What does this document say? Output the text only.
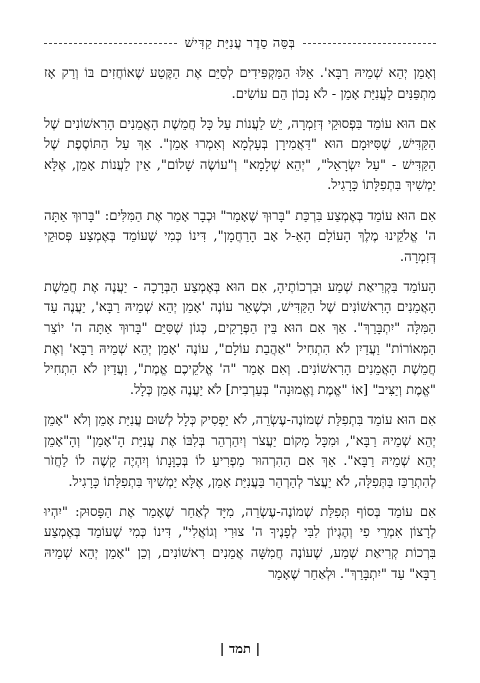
בְּסֵּה סֵדֶר עֲנִיַּת קַדִּישׁ

וְאָמֵן יְהֵא שְׁמֵיהּ רַבָּא'. אֵלּוּ הַמַּקְפִּידִים לְסַיֵּם אֶת הַקֶּטַע שֶׁאוֹחֲזִים בּוֹ וְרַק אָז מִתְפַּנִּים לַעֲנִיַּת אָמֵן - לֹא נָכוֹן הֵם עוֹשִׂים.

אִם הוּא עוֹמֵד בִּפְסוּקֵי דְּזִמְרָה, יֵשׁ לַעֲנוֹת עַל כָּל חֲמֵשֶׁת הָאֲמֵנִים הָרִאשׁוֹנִים שֶׁל הַקַּדִּישׁ, שֶׁסִּיּוּמָם הוּא "דַּאֲמִירָן בְּעָלְמָא וְאִמְרוּ אָמֵן". אַךְ עַל הַתּוֹסֶפֶת שֶׁל הַקַּדִּישׁ - "עַל יִשְׂרָאֵל", "יְהֵא שְׁלָמָא" וְ"עוֹשֶׂה שָׁלוֹם", אֵין לַעֲנוֹת אָמֵן, אֶלָּא יַמְשִׁיךְ בִּתְפִלָּתוֹ כָּרָגִיל.

אִם הוּא עוֹמֵד בְּאֶמְצַע בִּרְכַּת "בָּרוּךְ שֶׁאָמַר" וּכְבָר אָמַר אֶת הַמִּלִּים: "בָּרוּךְ אַתָּה ה' אֱלֹקֵינוּ מֶלֶךְ הָעוֹלָם הָאֵ-ל אָב הָרַחֲמָן", דִּינוֹ כְּמִי שֶׁעוֹמֵד בְּאֶמְצַע פְּסוּקֵי דְּזִמְרָה.

הָעוֹמֵד בִּקְרִיאַת שְׁמַע וּבִרְכוֹתֶיהָ, אִם הוּא בְּאֶמְצַע הַבְּרָכָה - יַעֲנֶה אֶת חֲמֵשֶׁת הָאֲמֵנִים הָרִאשׁוֹנִים שֶׁל הַקַּדִּישׁ, וּכְשֶׁאֵר עוֹנֶה 'אָמֵן יְהֵא שְׁמֵיהּ רַבָּא', יַעֲנֶה עַד הַמִּלָּה "יִתְבָּרַךְ". אַךְ אִם הוּא בֵּין הַפְּרָקִים, כְּגוֹן שֶׁסִּיֵּם "בָּרוּךְ אַתָּה ה' יוֹצֵר הַמְּאוֹרוֹת" וַעֲדַיִן לֹא הִתְחִיל "אַהֲבַת עוֹלָם", עוֹנֶה 'אָמֵן יְהֵא שְׁמֵיהּ רַבָּא' וְאֶת חֲמֵשֶׁת הָאֲמֵנִים הָרִאשׁוֹנִים. וְאִם אָמַר "ה' אֱלֹקֵיכֶם אֱמֶת", וַעֲדַיִן לֹא הִתְחִיל "אֱמֶת וְיַצִּיב" [אוֹ "אֱמֶת וֶאֱמוּנָה" בְּעַרְבִית] לֹא יַעֲנֶה אָמֵן כְּלָל.

אִם הוּא עוֹמֵד בִּתְפִלַּת שְׁמוֹנֶה-עֶשְׂרֵה, לֹא יַפְסִיק כְּלָל לְשׁוּם עֲנִיַּת אָמֵן וְלֹא "אָמֵן יְהֵא שְׁמֵיהּ רַבָּא", וּמִכָּל מָקוֹם יַעֲצֹר וְיִהַרְהֵר בְּלִבּוֹ אֶת עֲנִיַּת הָ"אָמֵן" וְהָ"אָמֵן יְהֵא שְׁמֵיהּ רַבָּא". אַךְ אִם הַהִרְהוּר מַפְרִיעַ לוֹ בְּכַוָּנָתוֹ וְיִהְיֶה קָשֶׁה לוֹ לַחֲזֹר לְהִתְרַכֵּז בַּתְּפִלָּה, לֹא יַעֲצֹר לְהַרְהֵר בַּעֲנִיַּת אָמֵן, אֶלָּא יַמְשִׁיךְ בִּתְפִלָּתוֹ כָּרָגִיל.

אִם עוֹמֵד בְּסוֹף תְּפִלַּת שְׁמוֹנֶה-עֶשְׂרֵה, מִיָּד לְאַחַר שֶׁאָמַר אֶת הַפָּסוּק: "יִהְיוּ לְרָצוֹן אִמְרֵי פִי וְהֶגְיוֹן לִבִּי לְפָנֶיךָ ה' צוּרִי וְגוֹאֲלִי", דִּינוֹ כְּמִי שֶׁעוֹמֵד בְּאֶמְצַע בִּרְכוֹת קְרִיאַת שְׁמַע, שֶׁעוֹנֶה חֲמִשָּׁה אֲמֵנִים רִאשׁוֹנִים, וְכֵן "אָמֵן יְהֵא שְׁמֵיהּ רַבָּא" עַד "יִתְבָּרַךְ". וּלְאַחַר שֶׁאָמַר

| תמד |
